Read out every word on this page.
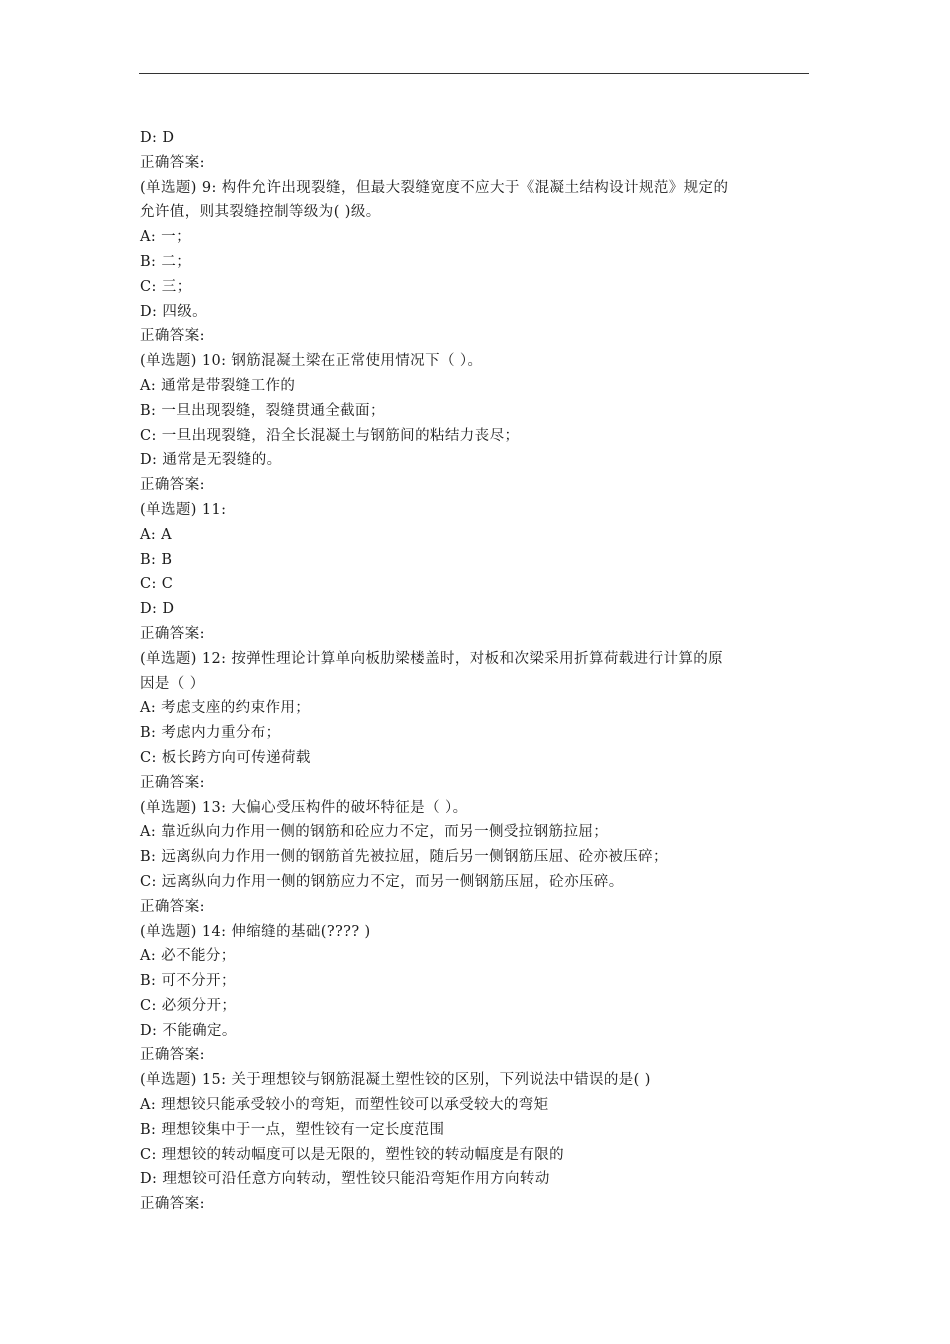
D: D
正确答案:
(单选题) 9: 构件允许出现裂缝，但最大裂缝宽度不应大于《混凝土结构设计规范》规定的
允许值，则其裂缝控制等级为( )级。
A: 一；
B: 二；
C: 三；
D: 四级。
正确答案:
(单选题) 10: 钢筋混凝土梁在正常使用情况下（ ）。
A: 通常是带裂缝工作的
B: 一旦出现裂缝，裂缝贯通全截面；
C: 一旦出现裂缝，沿全长混凝土与钢筋间的粘结力丧尽；
D: 通常是无裂缝的。
正确答案:
(单选题) 11:
A: A
B: B
C: C
D: D
正确答案:
(单选题) 12: 按弹性理论计算单向板肋梁楼盖时，对板和次梁采用折算荷载进行计算的原
因是（ ）
A: 考虑支座的约束作用；
B: 考虑内力重分布；
C: 板长跨方向可传递荷载
正确答案:
(单选题) 13: 大偏心受压构件的破坏特征是（ ）。
A: 靠近纵向力作用一侧的钢筋和砼应力不定，而另一侧受拉钢筋拉屈；
B: 远离纵向力作用一侧的钢筋首先被拉屈，随后另一侧钢筋压屈、砼亦被压碎；
C: 远离纵向力作用一侧的钢筋应力不定，而另一侧钢筋压屈，砼亦压碎。
正确答案:
(单选题) 14: 伸缩缝的基础(???? )
A: 必不能分；
B: 可不分开；
C: 必须分开；
D: 不能确定。
正确答案:
(单选题) 15: 关于理想铰与钢筋混凝土塑性铰的区别，下列说法中错误的是( )
A: 理想铰只能承受较小的弯矩，而塑性铰可以承受较大的弯矩
B: 理想铰集中于一点，塑性铰有一定长度范围
C: 理想铰的转动幅度可以是无限的，塑性铰的转动幅度是有限的
D: 理想铰可沿任意方向转动，塑性铰只能沿弯矩作用方向转动
正确答案:
